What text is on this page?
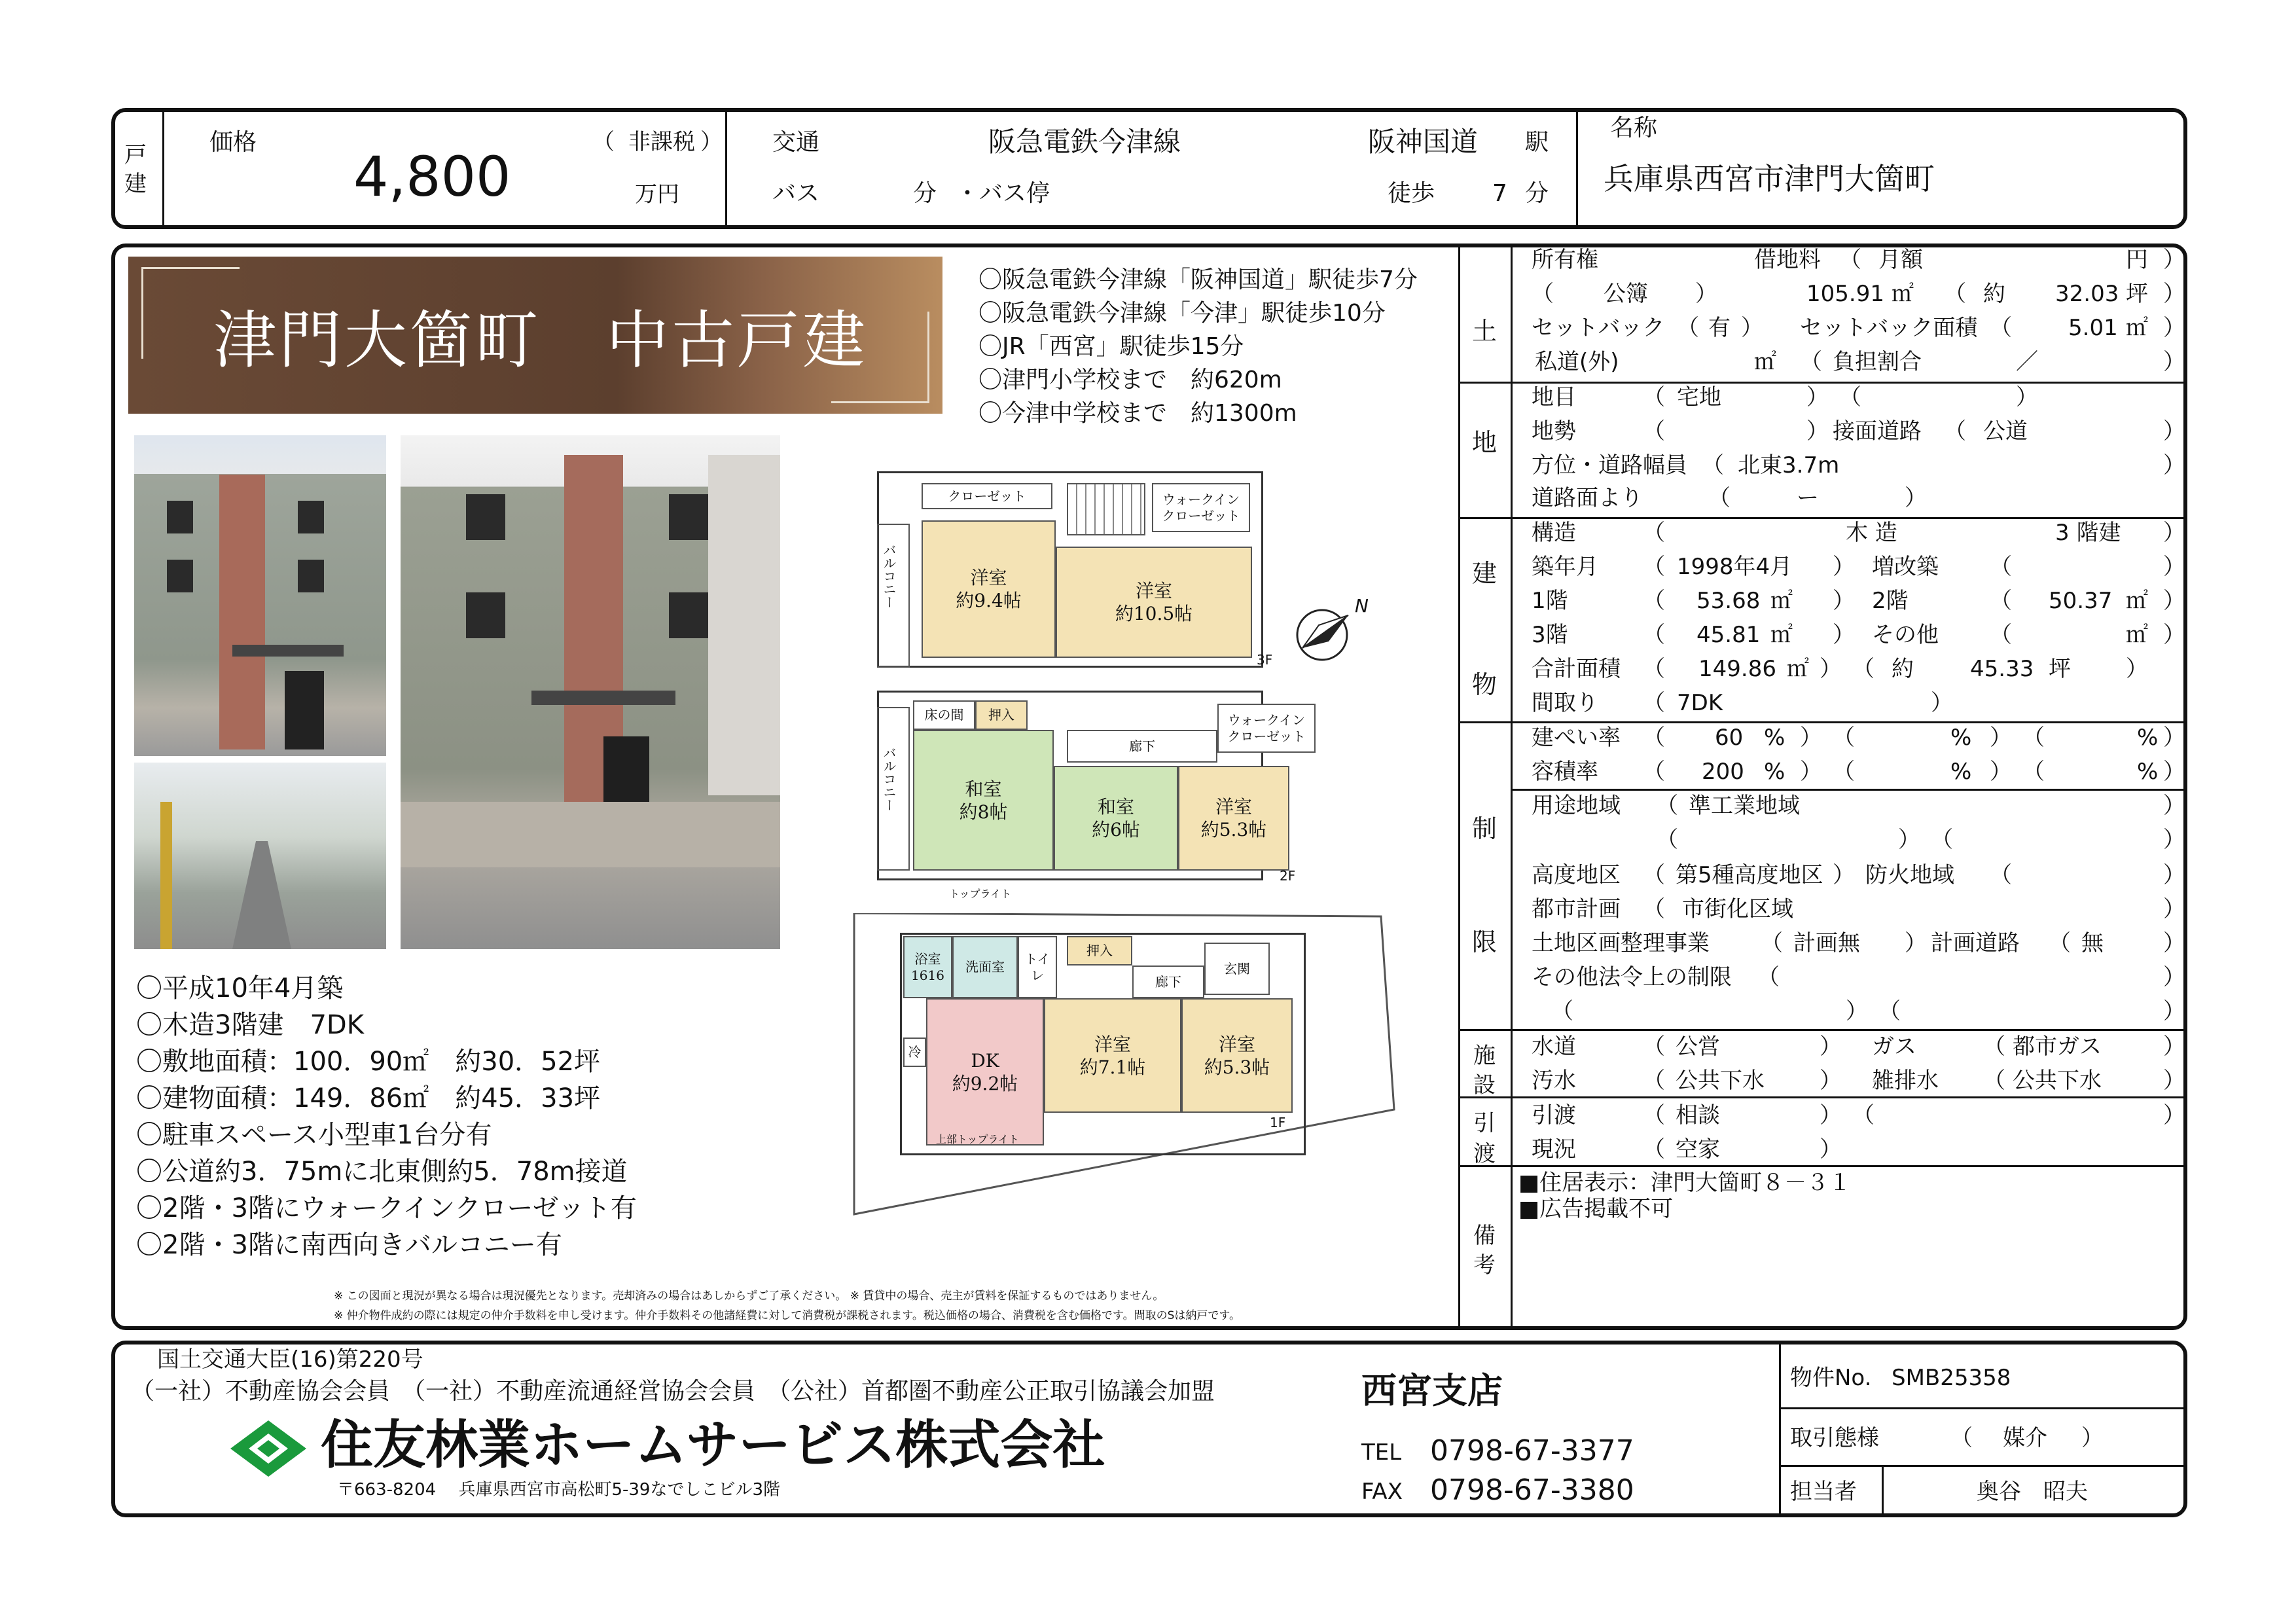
戸建
価格	（ 非課税 ）
4,800	万円
交通	阪急電鉄今津線	阪神国道 駅
バス	分 ・バス停	徒歩 7 分
名称
兵庫県西宮市津門大箇町
津門大箇町　中古戸建
〇阪急電鉄今津線「阪神国道」駅徒歩7分
〇阪急電鉄今津線「今津」駅徒歩10分
〇JR「西宮」駅徒歩15分
〇津門小学校まで　約620m
〇今津中学校まで　約1300m
〇平成10年4月築
〇木造3階建　7DK
〇敷地面積：100．90㎡　約30．52坪
〇建物面積：149．86㎡　約45．33坪
〇駐車スペース小型車1台分有
〇公道約3．75mに北東側約5．78m接道
〇2階・3階にウォークインクローゼット有
〇2階・3階に南西向きバルコニー有
バルコニー
クローゼット	ウォークイン
クローゼット
洋室
約9.4帖	洋室
約10.5帖
3F
N
バルコニー
床の間	押入
和室
約8帖	和室
約6帖
廊下
ウォークイン
クローゼット
洋室
約5.3帖
トップライト
2F
浴室
1616
洗面室
トイレ
押入
廊下
玄関
DK
約9.2帖
冷	洋室
約7.1帖
洋室
約5.3帖
上部トップライト
1F
※ この図面と現況が異なる場合は現況優先となります。売却済みの場合はあしからずご了承ください。 ※ 賃貸中の場合、売主が賃料を保証するものではありません。
※ 仲介物件成約の際には規定の仲介手数料を申し受けます。仲介手数料その他諸経費に対して消費税が課税されます。税込価格の場合、消費税を含む価格です。間取のSは納戸です。
土
地
所有権	借地料 （ 月額	円 ）
（ 公簿 ）	105.91 ㎡ （ 約 32.03 坪 ）
セットバック （ 有 ） セットバック面積 （	5.01 ㎡ ）
私道(外)	㎡ （ 負担割合	／	）
地目	（ 宅地	） （	）
地勢	（	） 接面道路 （ 公道	）
方位・道路幅員 （ 北東3.7m	）
道路面より	（	ー	）
建
物
構造	（	木 造	3 階建 ）
築年月 （ 1998年4月 ） 増改築 （	）
1階	（ 53.68 ㎡ ） 2階	（ 50.37 ㎡ ）
3階	（ 45.81 ㎡ ） その他 （	㎡ ）
合計面積 （ 149.86 ㎡ ） （ 約	45.33 坪 ）
間取り （ 7DK	）
制
限
建ぺい率 （ 60 % ） （	% ） （	% ）
容積率 （ 200 % ） （	% ） （	% ）
用途地域 （ 準工業地域	）
（	） （	）
高度地区 （ 第5種高度地区 ） 防火地域 （	）
都市計画 （ 市街化区域	）
土地区画整理事業 （ 計画無 ） 計画道路 （ 無	）
その他法令上の制限 （	）
（	） （	）
施
設
水道	（ 公営	） ガス	（ 都市ガス	）
汚水	（ 公共下水 ） 雑排水 （ 公共下水	）
引
渡
引渡	（ 相談	） （	）
現況	（ 空家	）
備
考
■住居表示：津門大箇町８－３１
■広告掲載不可
国土交通大臣(16)第220号
（一社）不動産協会会員　（一社）不動産流通経営協会会員　（公社）首都圏不動産公正取引協議会加盟
住友林業ホームサービス株式会社
〒663-8204　 兵庫県西宮市高松町5-39なでしこビル3階
西宮支店
TEL 0798-67-3377
FAX 0798-67-3380
物件No. SMB25358
取引態様	（ 媒介 ）
担当者	奥谷　昭夫
